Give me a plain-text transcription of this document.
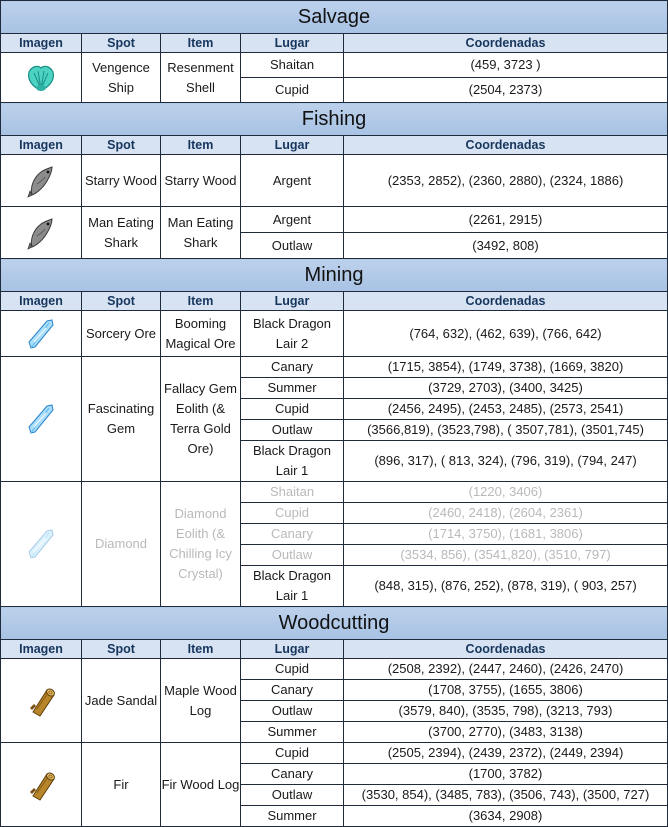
Salvage				
Imagen	Spot	Item	Lugar	Coordenadas

	Vengence Ship	Resenment Shell	Shaitan	(459, 3723 )
			Cupid	(2504, 2373)
Fishing				
Imagen	Spot	Item	Lugar	Coordenadas

	Starry Wood	Starry Wood	Argent	(2353, 2852), (2360, 2880), (2324, 1886)

	Man Eating Shark	Man Eating Shark	Argent	(2261, 2915)
			Outlaw	(3492, 808)
Mining				
Imagen	Spot	Item	Lugar	Coordenadas

	Sorcery Ore	Booming Magical Ore	Black Dragon Lair 2	(764, 632), (462, 639), (766, 642)

	Fascinating Gem	Fallacy Gem Eolith (& Terra Gold Ore)	Canary	(1715, 3854), (1749, 3738), (1669, 3820)
			Summer	(3729, 2703), (3400, 3425)
			Cupid	(2456, 2495), (2453, 2485), (2573, 2541)
			Outlaw	(3566,819), (3523,798), ( 3507,781), (3501,745)
			Black Dragon Lair 1	(896, 317), ( 813, 324), (796, 319), (794, 247)

	Diamond	Diamond Eolith (& Chilling Icy Crystal)	Shaitan	(1220, 3406)
			Cupid	(2460, 2418), (2604, 2361)
			Canary	(1714, 3750), (1681, 3806)
			Outlaw	(3534, 856), (3541,820), (3510, 797)
			Black Dragon Lair 1	(848, 315), (876, 252), (878, 319), ( 903, 257)
Woodcutting				
Imagen	Spot	Item	Lugar	Coordenadas

	Jade Sandal	Maple Wood Log	Cupid	(2508, 2392), (2447, 2460), (2426, 2470)
			Canary	(1708, 3755), (1655, 3806)
			Outlaw	(3579, 840), (3535, 798), (3213, 793)
			Summer	(3700, 2770), (3483, 3138)

	Fir	Fir Wood Log	Cupid	(2505, 2394), (2439, 2372), (2449, 2394)
			Canary	(1700, 3782)
			Outlaw	(3530, 854), (3485, 783), (3506, 743), (3500, 727)
			Summer	(3634, 2908)
